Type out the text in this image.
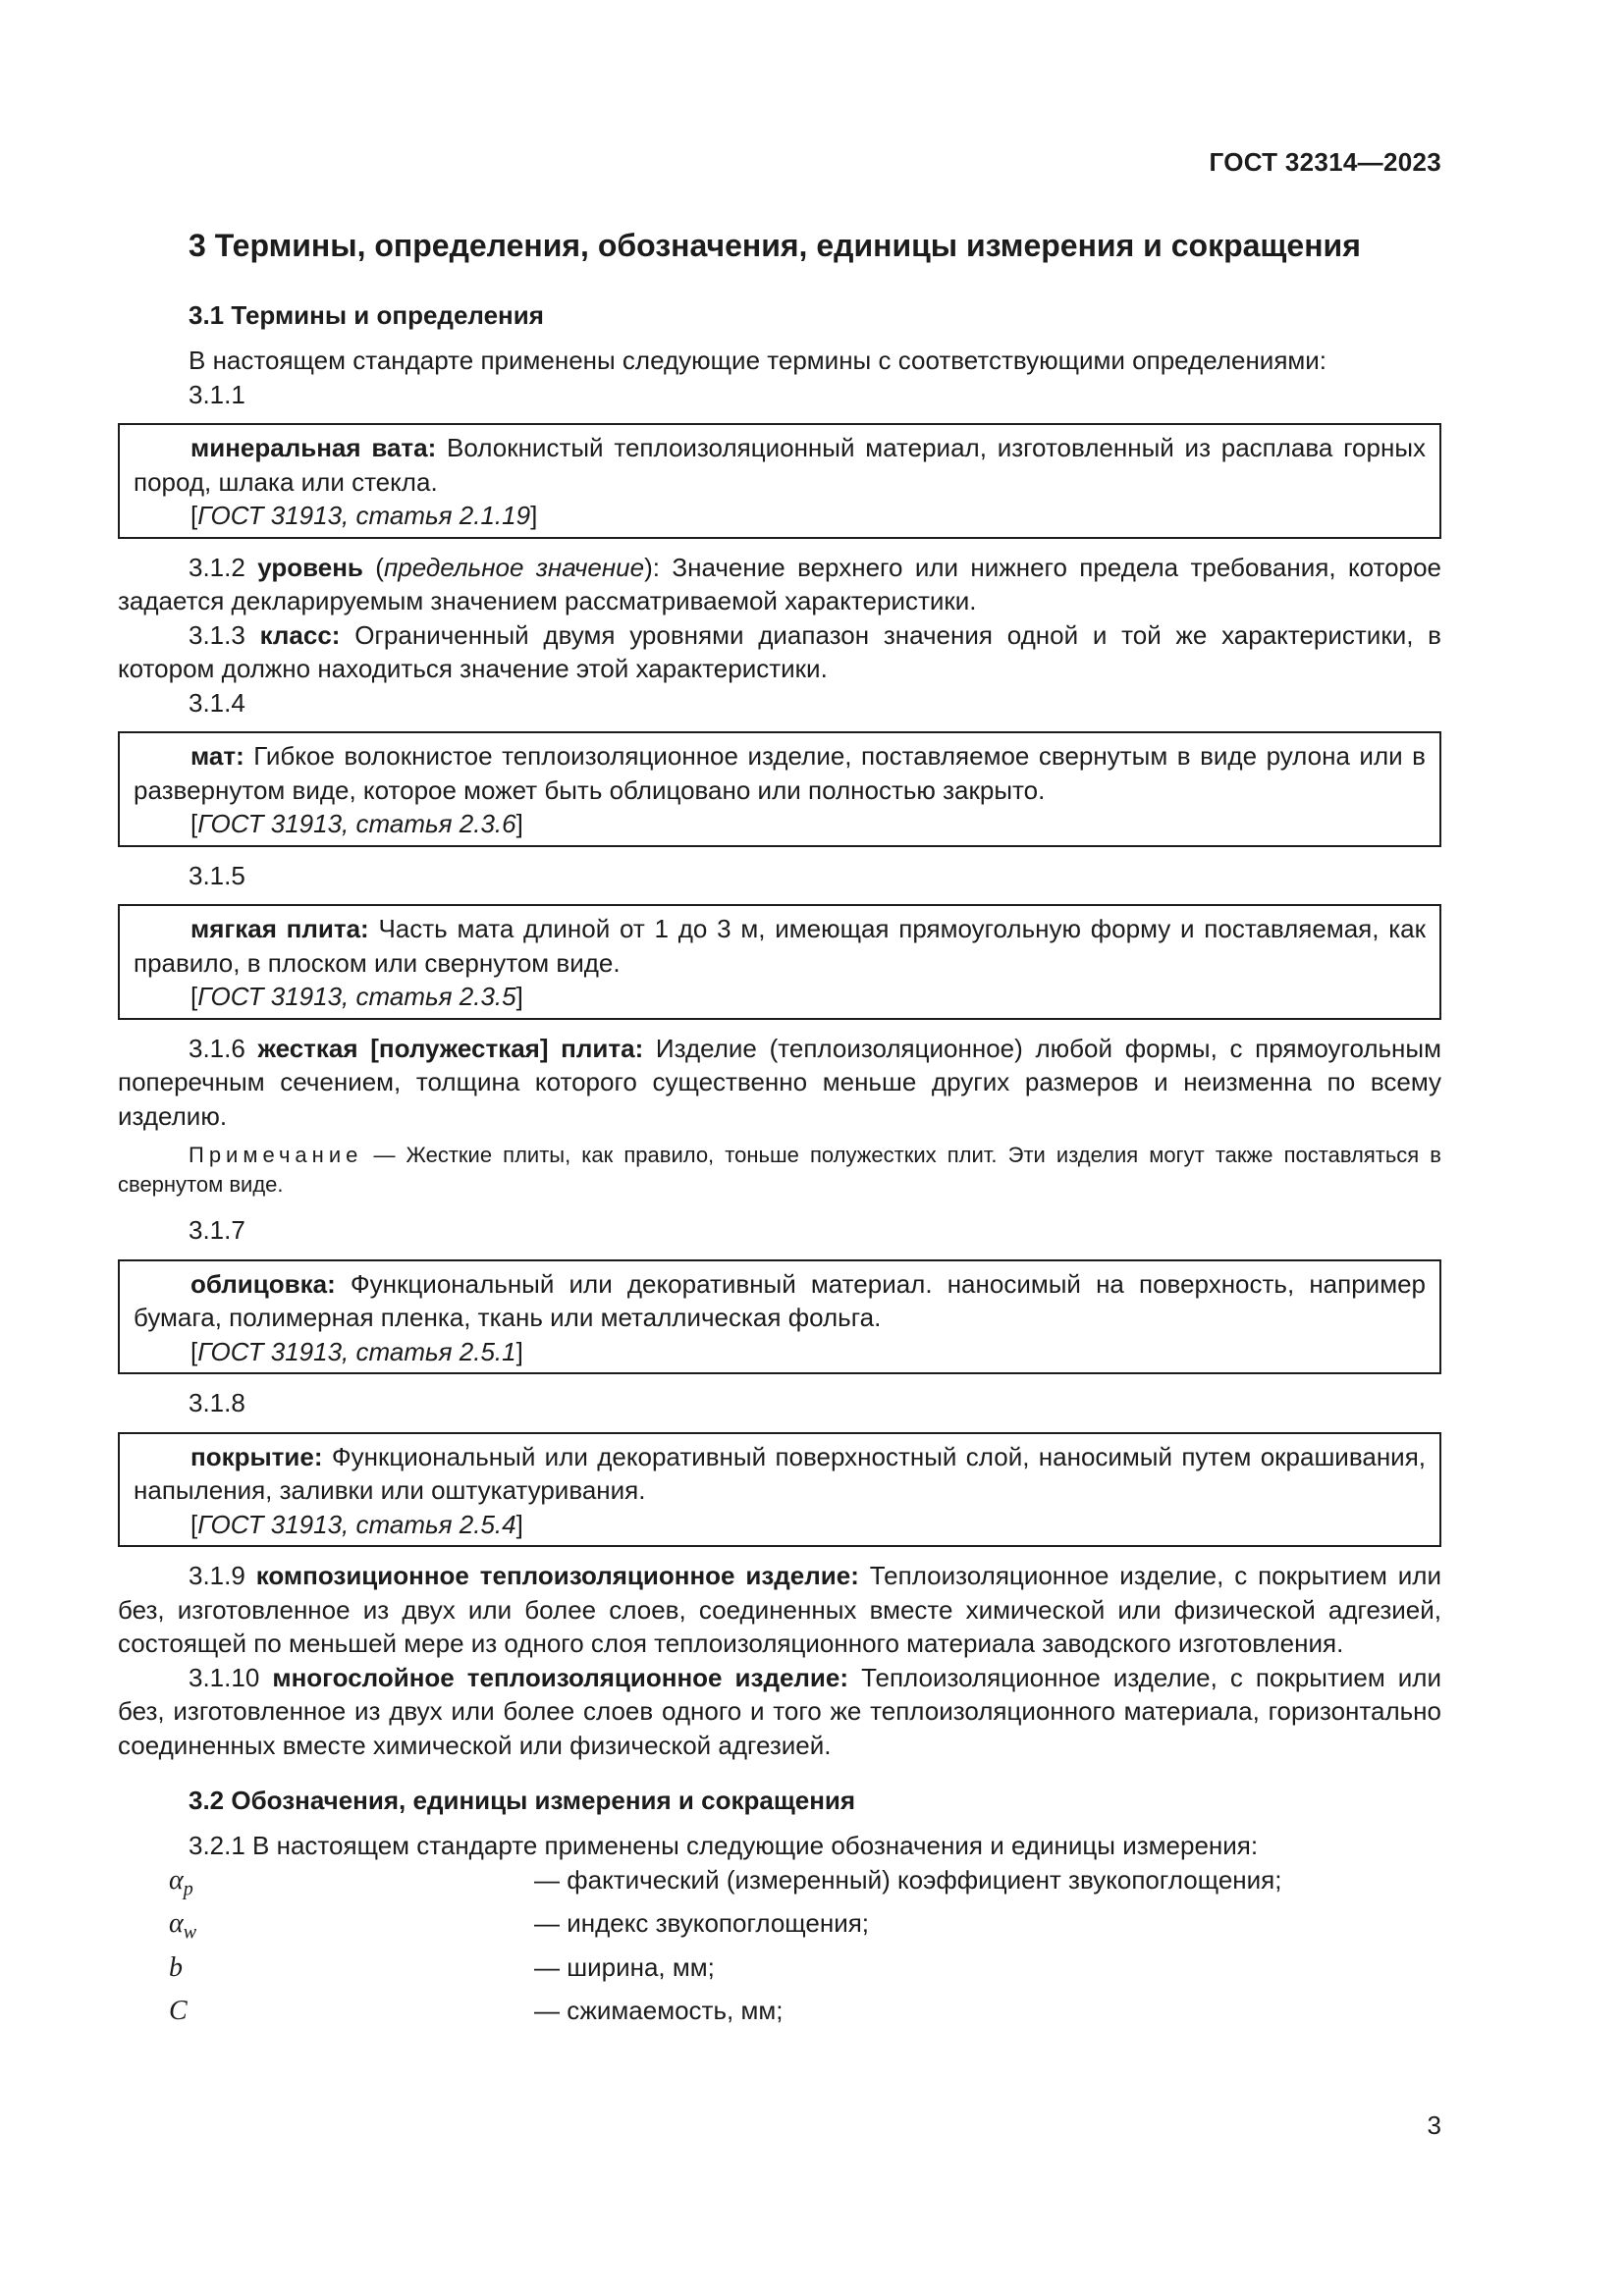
ГОСТ 32314—2023
3 Термины, определения, обозначения, единицы измерения и сокращения
3.1 Термины и определения

В настоящем стандарте применены следующие термины с соответствующими определениями:

3.1.1

минеральная вата: Волокнистый теплоизоляционный материал, изготовленный из расплава горных пород, шлака или стекла.

[ГОСТ 31913, статья 2.1.19]

3.1.2 уровень (предельное значение): Значение верхнего или нижнего предела требования, которое задается декларируемым значением рассматриваемой характеристики.

3.1.3 класс: Ограниченный двумя уровнями диапазон значения одной и той же характеристики, в котором должно находиться значение этой характеристики.

3.1.4

мат: Гибкое волокнистое теплоизоляционное изделие, поставляемое свернутым в виде рулона или в развернутом виде, которое может быть облицовано или полностью закрыто.

[ГОСТ 31913, статья 2.3.6]

3.1.5

мягкая плита: Часть мата длиной от 1 до 3 м, имеющая прямоугольную форму и поставляемая, как правило, в плоском или свернутом виде.

[ГОСТ 31913, статья 2.3.5]

3.1.6 жесткая [полужесткая] плита: Изделие (теплоизоляционное) любой формы, с прямоугольным поперечным сечением, толщина которого существенно меньше других размеров и неизменна по всему изделию.

Примечание — Жесткие плиты, как правило, тоньше полужестких плит. Эти изделия могут также поставляться в свернутом виде.

3.1.7

облицовка: Функциональный или декоративный материал. наносимый на поверхность, например бумага, полимерная пленка, ткань или металлическая фольга.

[ГОСТ 31913, статья 2.5.1]

3.1.8

покрытие: Функциональный или декоративный поверхностный слой, наносимый путем окрашивания, напыления, заливки или оштукатуривания.

[ГОСТ 31913, статья 2.5.4]

3.1.9 композиционное теплоизоляционное изделие: Теплоизоляционное изделие, с покрытием или без, изготовленное из двух или более слоев, соединенных вместе химической или физической адгезией, состоящей по меньшей мере из одного слоя теплоизоляционного материала заводского изготовления.

3.1.10 многослойное теплоизоляционное изделие: Теплоизоляционное изделие, с покрытием или без, изготовленное из двух или более слоев одного и того же теплоизоляционного материала, горизонтально соединенных вместе химической или физической адгезией.

3.2 Обозначения, единицы измерения и сокращения

3.2.1 В настоящем стандарте применены следующие обозначения и единицы измерения:

$\alpha_p$	— фактический (измеренный) коэффициент звукопоглощения;
$\alpha_w$	— индекс звукопоглощения;
b	— ширина, мм;
C	— сжимаемость, мм;
3
